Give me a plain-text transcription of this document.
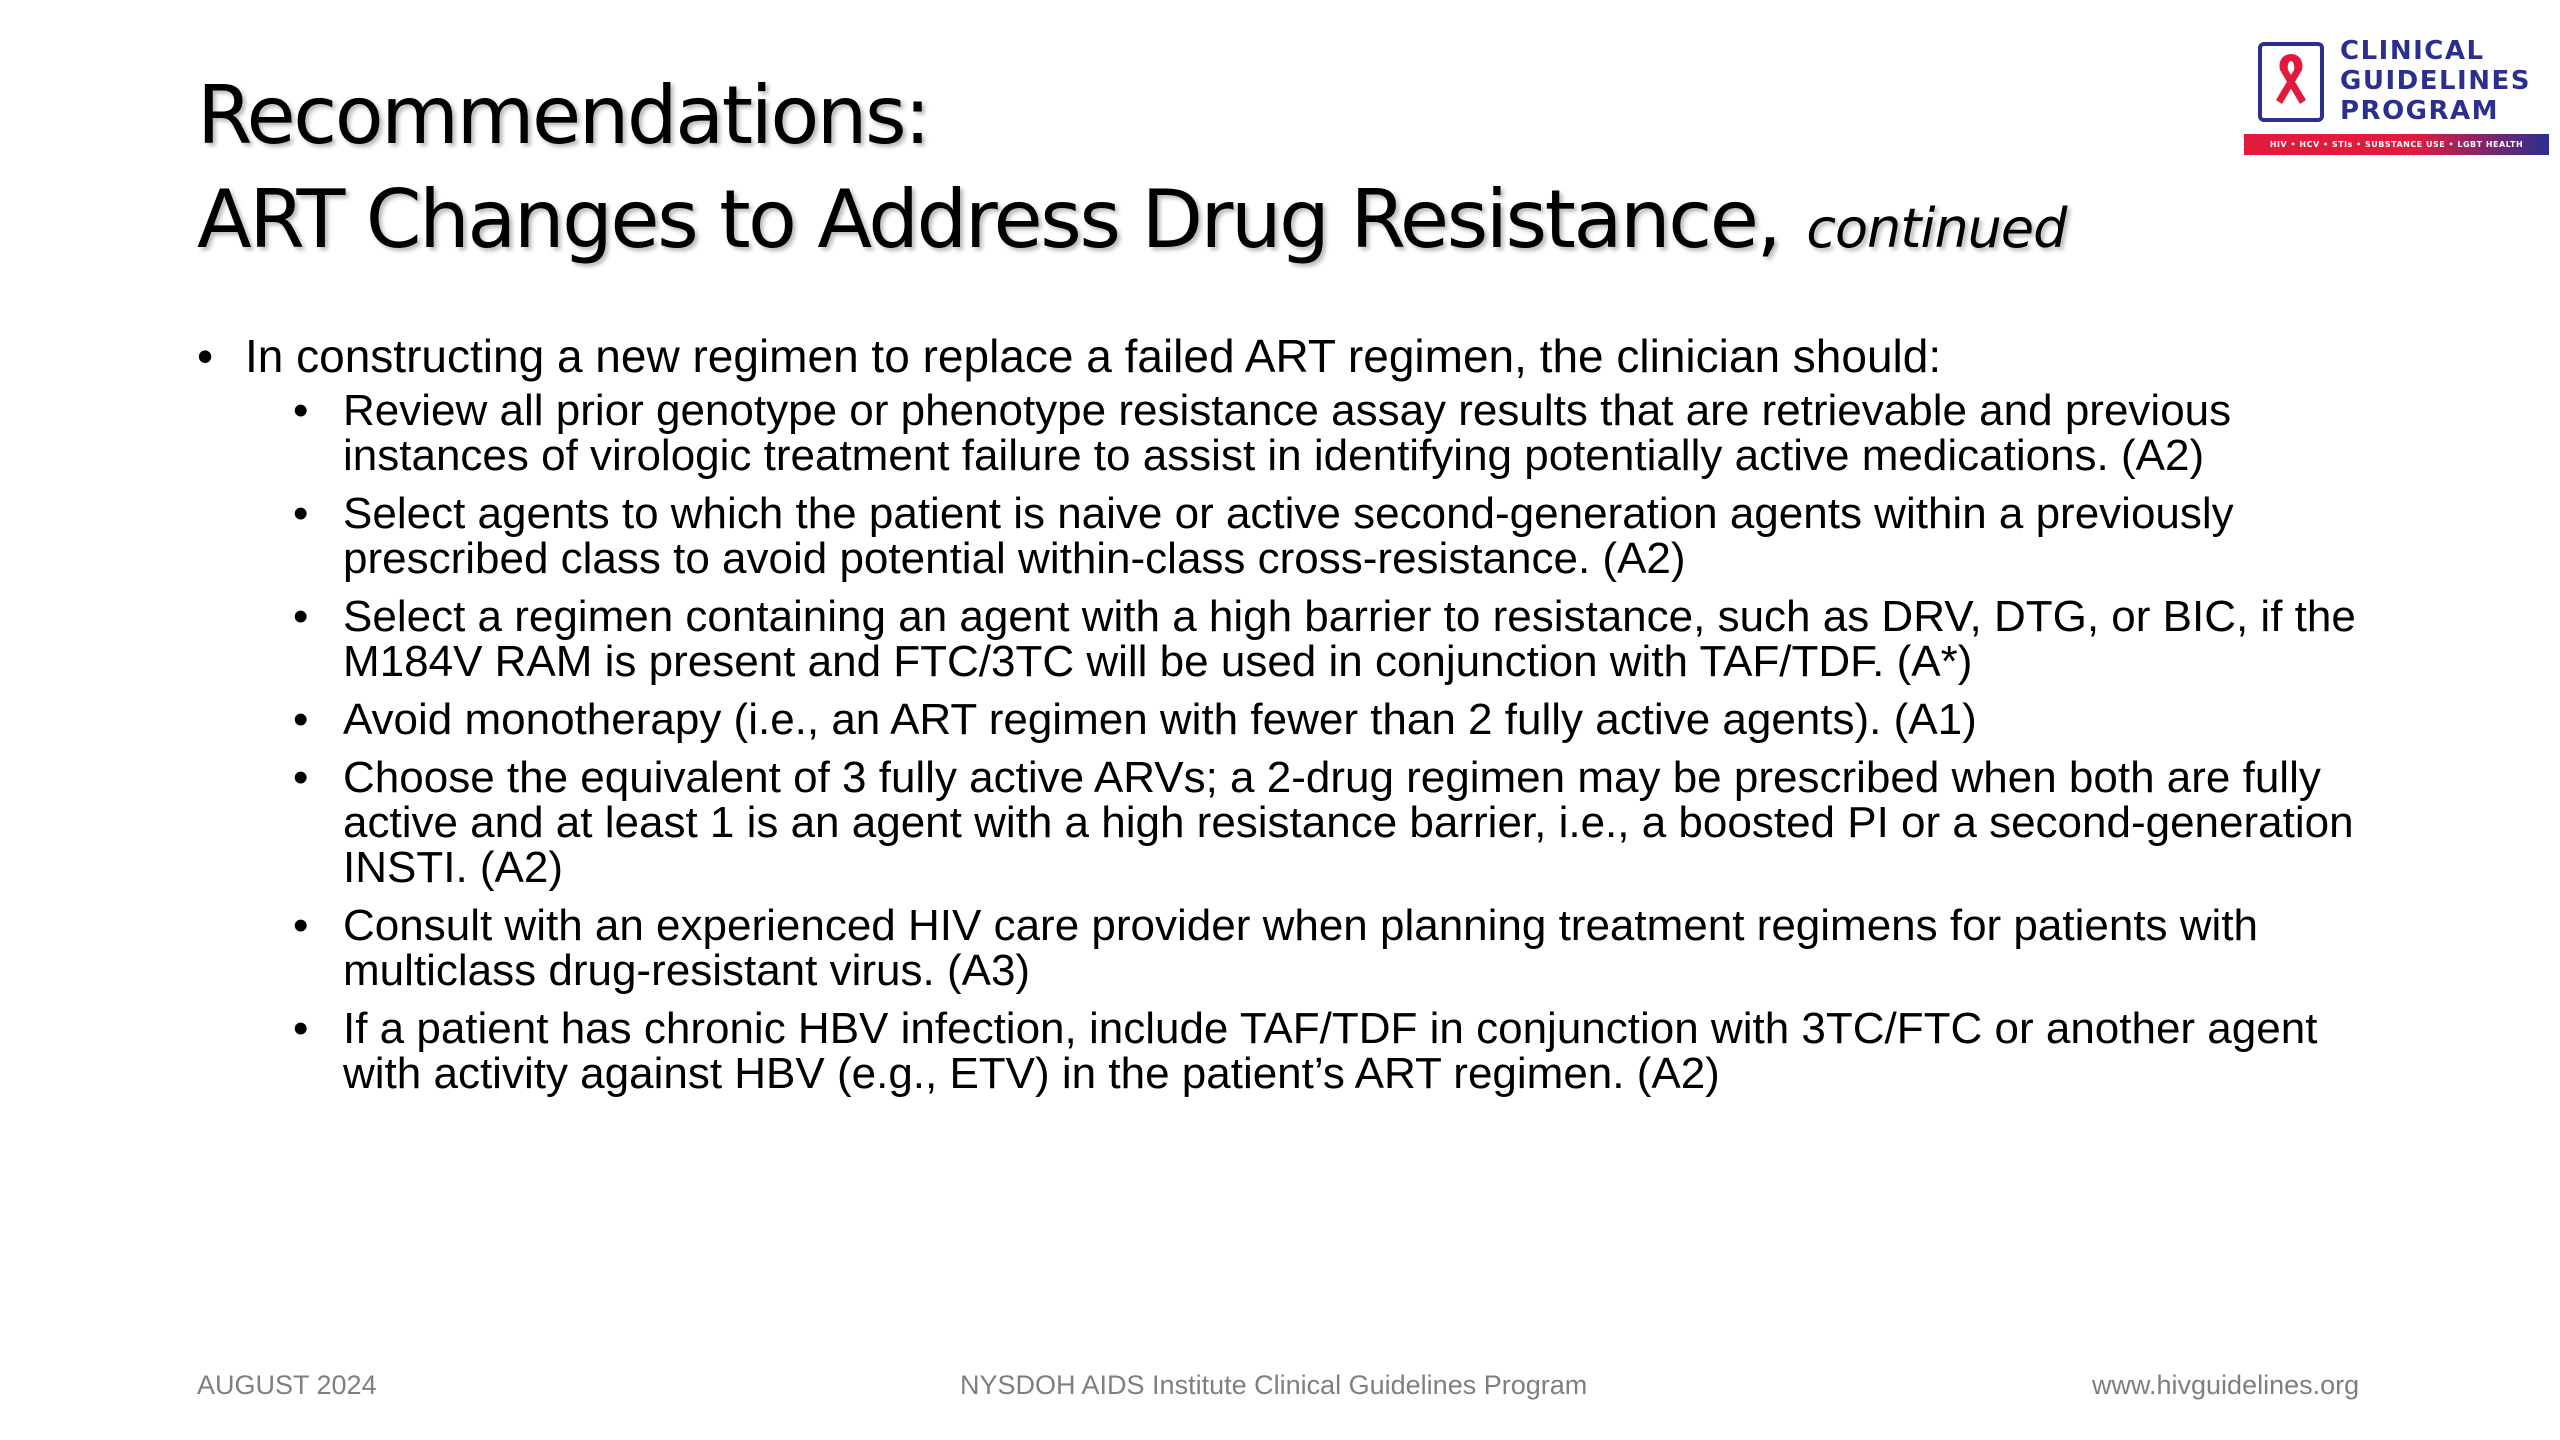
Recommendations:
ART Changes to Address Drug Resistance, continued
CLINICAL
GUIDELINES
PROGRAM
HIV • HCV • STIs • SUBSTANCE USE • LGBT HEALTH
• In constructing a new regimen to replace a failed ART regimen, the clinician should:
• Review all prior genotype or phenotype resistance assay results that are retrievable and previous instances of virologic treatment failure to assist in identifying potentially active medications. (A2)
• Select agents to which the patient is naive or active second-generation agents within a previously prescribed class to avoid potential within-class cross-resistance. (A2)
• Select a regimen containing an agent with a high barrier to resistance, such as DRV, DTG, or BIC, if the M184V RAM is present and FTC/3TC will be used in conjunction with TAF/TDF. (A*)
• Avoid monotherapy (i.e., an ART regimen with fewer than 2 fully active agents). (A1)
• Choose the equivalent of 3 fully active ARVs; a 2-drug regimen may be prescribed when both are fully active and at least 1 is an agent with a high resistance barrier, i.e., a boosted PI or a second-generation INSTI. (A2)
• Consult with an experienced HIV care provider when planning treatment regimens for patients with multiclass drug-resistant virus. (A3)
• If a patient has chronic HBV infection, include TAF/TDF in conjunction with 3TC/FTC or another agent with activity against HBV (e.g., ETV) in the patient’s ART regimen. (A2)
AUGUST 2024	NYSDOH AIDS Institute Clinical Guidelines Program	www.hivguidelines.org
